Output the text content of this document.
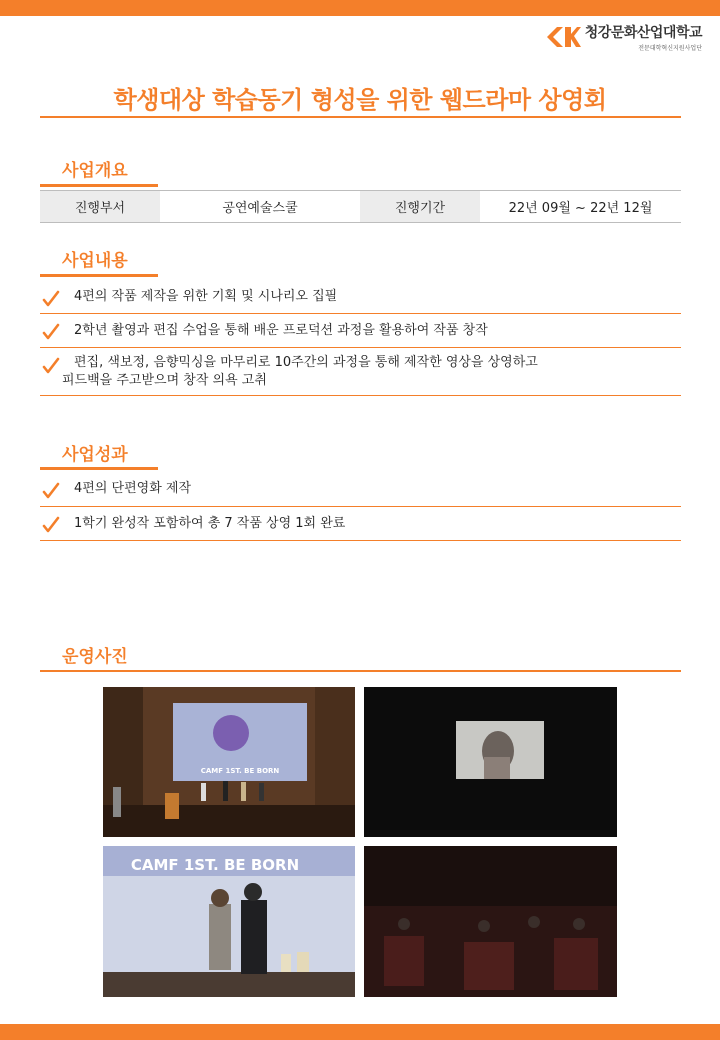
청강문화산업대학교
전문대학혁신지원사업단
학생대상 학습동기 형성을 위한 웹드라마 상영회
사업개요
진행부서	공연예술스쿨	진행기간	22년 09월 ~ 22년 12월
사업내용
4편의 작품 제작을 위한 기획 및 시나리오 집필
2학년 촬영과 편집 수업을 통해 배운 프로덕션 과정을 활용하여 작품 창작
편집, 색보정, 음향믹싱을 마무리로 10주간의 과정을 통해 제작한 영상을 상영하고
피드백을 주고받으며 창작 의욕 고취
사업성과
4편의 단편영화 제작
1학기 완성작 포함하여 총 7 작품 상영 1회 완료
운영사진
CAMF 1ST. BE BORN
CAMF 1ST. BE BORN
